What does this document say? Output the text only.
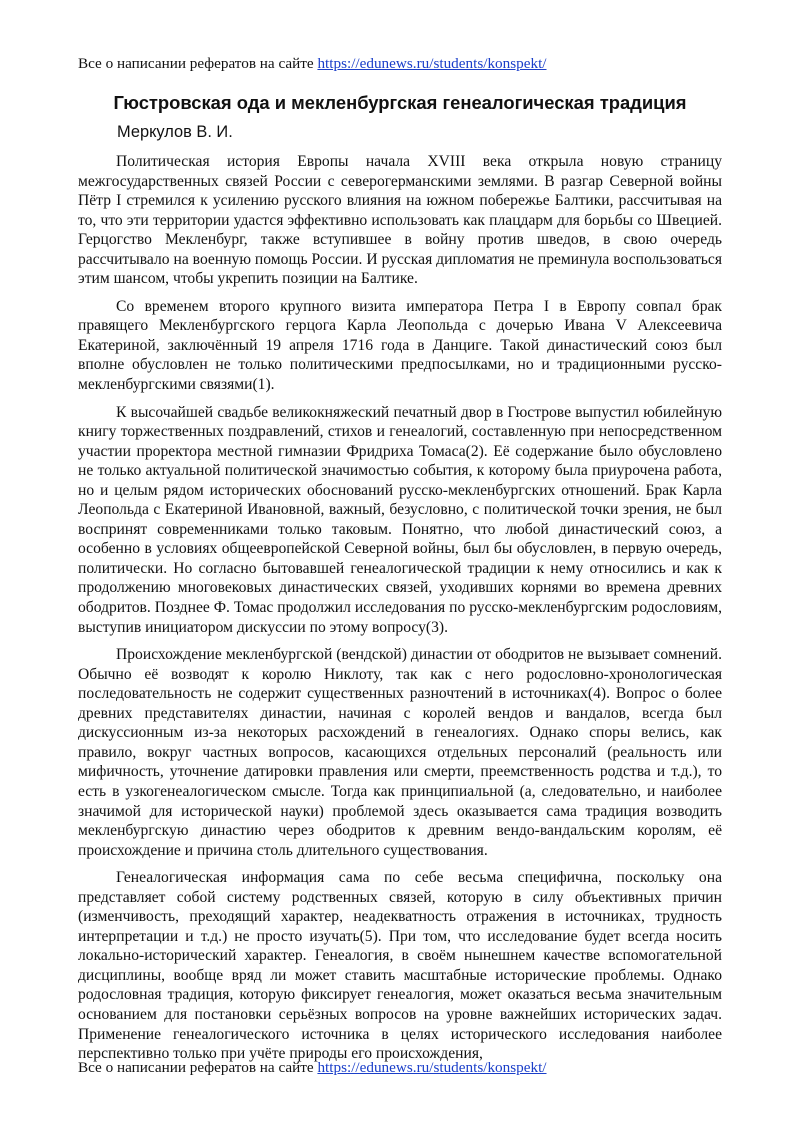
Все о написании рефератов на сайте https://edunews.ru/students/konspekt/
Гюстровская ода и мекленбургская генеалогическая традиция
Меркулов В. И.

Политическая история Европы начала XVIII века открыла новую страницу межгосударственных связей России с северогерманскими землями. В разгар Северной войны Пётр I стремился к усилению русского влияния на южном побережье Балтики, рассчитывая на то, что эти территории удастся эффективно использовать как плацдарм для борьбы со Швецией. Герцогство Мекленбург, также вступившее в войну против шведов, в свою очередь рассчитывало на военную помощь России. И русская дипломатия не преминула воспользоваться этим шансом, чтобы укрепить позиции на Балтике.

Со временем второго крупного визита императора Петра I в Европу совпал брак правящего Мекленбургского герцога Карла Леопольда с дочерью Ивана V Алексеевича Екатериной, заключённый 19 апреля 1716 года в Данциге. Такой династический союз был вполне обусловлен не только политическими предпосылками, но и традиционными русско-мекленбургскими связями(1).

К высочайшей свадьбе великокняжеский печатный двор в Гюстрове выпустил юбилейную книгу торжественных поздравлений, стихов и генеалогий, составленную при непосредственном участии проректора местной гимназии Фридриха Томаса(2). Её содержание было обусловлено не только актуальной политической значимостью события, к которому была приурочена работа, но и целым рядом исторических обоснований русско-мекленбургских отношений. Брак Карла Леопольда с Екатериной Ивановной, важный, безусловно, с политической точки зрения, не был воспринят современниками только таковым. Понятно, что любой династический союз, а особенно в условиях общеевропейской Северной войны, был бы обусловлен, в первую очередь, политически. Но согласно бытовавшей генеалогической традиции к нему относились и как к продолжению многовековых династических связей, уходивших корнями во времена древних ободритов. Позднее Ф. Томас продолжил исследования по русско-мекленбургским родословиям, выступив инициатором дискуссии по этому вопросу(3).

Происхождение мекленбургской (вендской) династии от ободритов не вызывает сомнений. Обычно её возводят к королю Никлоту, так как с него родословно-хронологическая последовательность не содержит существенных разночтений в источниках(4). Вопрос о более древних представителях династии, начиная с королей вендов и вандалов, всегда был дискуссионным из-за некоторых расхождений в генеалогиях. Однако споры велись, как правило, вокруг частных вопросов, касающихся отдельных персоналий (реальность или мифичность, уточнение датировки правления или смерти, преемственность родства и т.д.), то есть в узкогенеалогическом смысле. Тогда как принципиальной (а, следовательно, и наиболее значимой для исторической науки) проблемой здесь оказывается сама традиция возводить мекленбургскую династию через ободритов к древним вендо-вандальским королям, её происхождение и причина столь длительного существования.

Генеалогическая информация сама по себе весьма специфична, поскольку она представляет собой систему родственных связей, которую в силу объективных причин (изменчивость, преходящий характер, неадекватность отражения в источниках, трудность интерпретации и т.д.) не просто изучать(5). При том, что исследование будет всегда носить локально-исторический характер. Генеалогия, в своём нынешнем качестве вспомогательной дисциплины, вообще вряд ли может ставить масштабные исторические проблемы. Однако родословная традиция, которую фиксирует генеалогия, может оказаться весьма значительным основанием для постановки серьёзных вопросов на уровне важнейших исторических задач. Применение генеалогического источника в целях исторического исследования наиболее перспективно только при учёте природы его происхождения,

Все о написании рефератов на сайте https://edunews.ru/students/konspekt/
